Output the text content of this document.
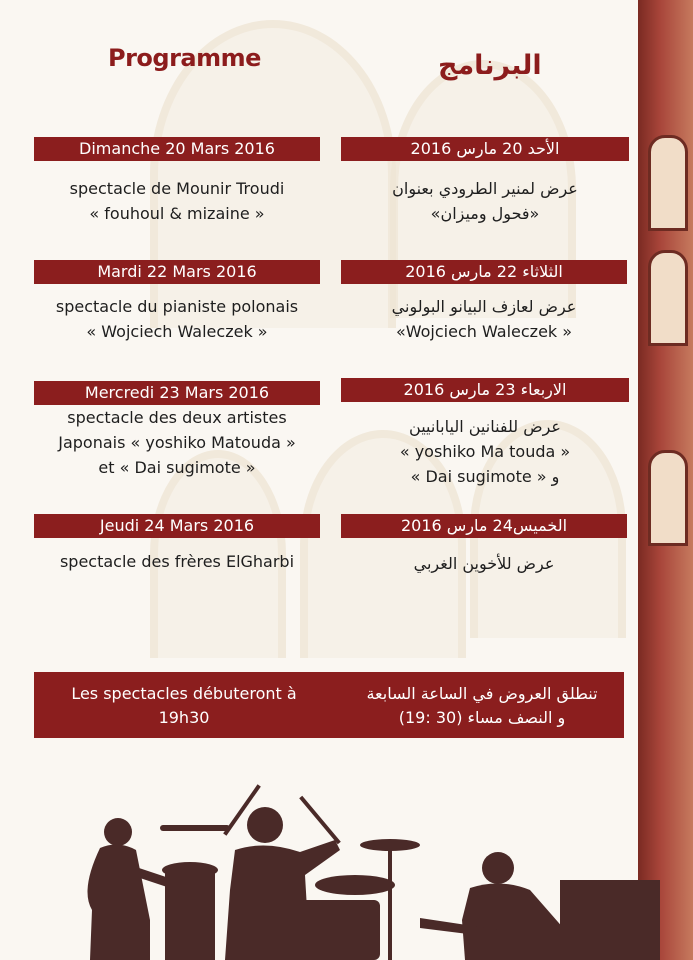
Programme	البرنامج
Dimanche 20 Mars 2016	الأحد 20 مارس 2016
spectacle de Mounir Troudi
« fouhoul & mizaine »
عرض لمنير الطرودي بعنوان
«فحول وميزان»
Mardi 22 Mars 2016	الثلاثاء 22 مارس 2016
spectacle du pianiste polonais
« Wojciech Waleczek »
عرض لعازف البيانو البولوني
« Wojciech Waleczek»
Mercredi 23 Mars 2016	الاربعاء 23 مارس 2016
spectacle des deux artistes
Japonais « yoshiko Matouda »
et « Dai sugimote »
عرض للفنانين اليابانيين
« yoshiko Ma touda »
و « Dai sugimote »
Jeudi 24 Mars 2016	الخميس24 مارس 2016
spectacle des frères ElGharbi	عرض للأخوين الغربي
Les spectacles débuteront à
19h30
تنطلق العروض في الساعة السابعة
و النصف مساء (30 :19)
